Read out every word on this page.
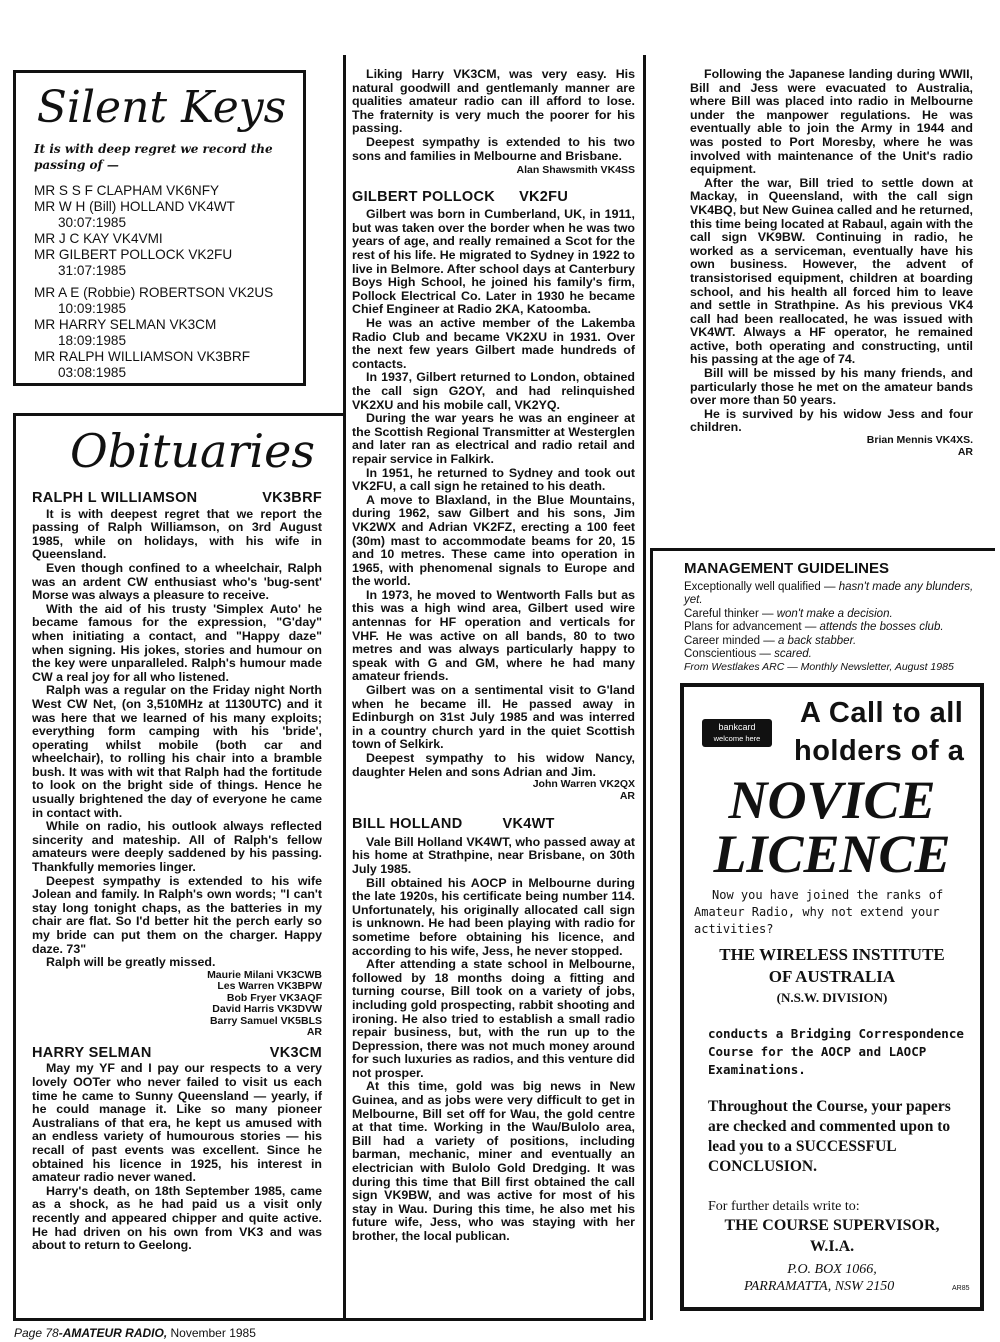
Silent Keys
It is with deep regret we record the passing of —
MR S S F CLAPHAM VK6NFY
MR W H (Bill) HOLLAND VK4WT
30:07:1985
MR J C KAY VK4VMI
MR GILBERT POLLOCK VK2FU
31:07:1985
MR A E (Robbie) ROBERTSON VK2US
10:09:1985
MR HARRY SELMAN VK3CM
18:09:1985
MR RALPH WILLIAMSON VK3BRF
03:08:1985
Obituaries
RALPH L WILLIAMSON	VK3BRF

It is with deepest regret that we report the passing of Ralph Williamson, on 3rd August 1985, while on holidays, with his wife in Queensland.

Even though confined to a wheelchair, Ralph was an ardent CW enthusiast who's 'bug-sent' Morse was always a pleasure to receive.

With the aid of his trusty 'Simplex Auto' he became famous for the expression, "G'day" when initiating a contact, and "Happy daze" when signing. His jokes, stories and humour on the key were unparalleled. Ralph's humour made CW a real joy for all who listened.

Ralph was a regular on the Friday night North West CW Net, (on 3,510MHz at 1130UTC) and it was here that we learned of his many exploits; everything form camping with his 'bride', operating whilst mobile (both car and wheelchair), to rolling his chair into a bramble bush. It was with wit that Ralph had the fortitude to look on the bright side of things. Hence he usually brightened the day of everyone he came in contact with.

While on radio, his outlook always reflected sincerity and mateship. All of Ralph's fellow amateurs were deeply saddened by his passing. Thankfully memories linger.

Deepest sympathy is extended to his wife Jolean and family. In Ralph's own words; "I can't stay long tonight chaps, as the batteries in my chair are flat. So I'd better hit the perch early so my bride can put them on the charger. Happy daze. 73"

Ralph will be greatly missed.

Maurie Milani VK3CWB
Les Warren VK3BPW
Bob Fryer VK3AQF
David Harris VK3DVW
Barry Samuel VK5BLS
AR
HARRY SELMAN	VK3CM

May my YF and I pay our respects to a very lovely OOTer who never failed to visit us each time he came to Sunny Queensland — yearly, if he could manage it. Like so many pioneer Australians of that era, he kept us amused with an endless variety of humourous stories — his recall of past events was excellent. Since he obtained his licence in 1925, his interest in amateur radio never waned.

Harry's death, on 18th September 1985, came as a shock, as he had paid us a visit only recently and appeared chipper and quite active. He had driven on his own from VK3 and was about to return to Geelong.

Liking Harry VK3CM, was very easy. His natural goodwill and gentlemanly manner are qualities amateur radio can ill afford to lose. The fraternity is very much the poorer for his passing.

Deepest sympathy is extended to his two sons and families in Melbourne and Brisbane.

Alan Shawsmith VK4SS
GILBERT POLLOCK VK2FU

Gilbert was born in Cumberland, UK, in 1911, but was taken over the border when he was two years of age, and really remained a Scot for the rest of his life. He migrated to Sydney in 1922 to live in Belmore. After school days at Canterbury Boys High School, he joined his family's firm, Pollock Electrical Co. Later in 1930 he became Chief Engineer at Radio 2KA, Katoomba.

He was an active member of the Lakemba Radio Club and became VK2XU in 1931. Over the next few years Gilbert made hundreds of contacts.

In 1937, Gilbert returned to London, obtained the call sign G2OY, and had relinquished VK2XU and his mobile call, VK2YQ.

During the war years he was an engineer at the Scottish Regional Transmitter at Westerglen and later ran as electrical and radio retail and repair service in Falkirk.

In 1951, he returned to Sydney and took out VK2FU, a call sign he retained to his death.

A move to Blaxland, in the Blue Mountains, during 1962, saw Gilbert and his sons, Jim VK2WX and Adrian VK2FZ, erecting a 100 feet (30m) mast to accommodate beams for 20, 15 and 10 metres. These came into operation in 1965, with phenomenal signals to Europe and the world.

In 1973, he moved to Wentworth Falls but as this was a high wind area, Gilbert used wire antennas for HF operation and verticals for VHF. He was active on all bands, 80 to two metres and was always particularly happy to speak with G and GM, where he had many amateur friends.

Gilbert was on a sentimental visit to G'land when he became ill. He passed away in Edinburgh on 31st July 1985 and was interred in a country church yard in the quiet Scottish town of Selkirk.

Deepest sympathy to his widow Nancy, daughter Helen and sons Adrian and Jim.

John Warren VK2QX
AR
BILL HOLLAND	VK4WT

Vale Bill Holland VK4WT, who passed away at his home at Strathpine, near Brisbane, on 30th July 1985.

Bill obtained his AOCP in Melbourne during the late 1920s, his certificate being number 114. Unfortunately, his originally allocated call sign is unknown. He had been playing with radio for sometime before obtaining his licence, and according to his wife, Jess, he never stopped.

After attending a state school in Melbourne, followed by 18 months doing a fitting and turning course, Bill took on a variety of jobs, including gold prospecting, rabbit shooting and ironing. He also tried to establish a small radio repair business, but, with the run up to the Depression, there was not much money around for such luxuries as radios, and this venture did not prosper.

At this time, gold was big news in New Guinea, and as jobs were very difficult to get in Melbourne, Bill set off for Wau, the gold centre at that time. Working in the Wau/Bulolo area, Bill had a variety of positions, including barman, mechanic, miner and eventually an electrician with Bulolo Gold Dredging. It was during this time that Bill first obtained the call sign VK9BW, and was active for most of his stay in Wau. During this time, he also met his future wife, Jess, who was staying with her brother, the local publican.

Following the Japanese landing during WWII, Bill and Jess were evacuated to Australia, where Bill was placed into radio in Melbourne under the manpower regulations. He was eventually able to join the Army in 1944 and was posted to Port Moresby, where he was involved with maintenance of the Unit's radio equipment.

After the war, Bill tried to settle down at Mackay, in Queensland, with the call sign VK4BQ, but New Guinea called and he returned, this time being located at Rabaul, again with the call sign VK9BW. Continuing in radio, he worked as a serviceman, eventually have his own business. However, the advent of transistorised equipment, children at boarding school, and his health all forced him to leave and settle in Strathpine. As his previous VK4 call had been reallocated, he was issued with VK4WT. Always a HF operator, he remained active, both operating and constructing, until his passing at the age of 74.

Bill will be missed by his many friends, and particularly those he met on the amateur bands over more than 50 years.

He is survived by his widow Jess and four children.

Brian Mennis VK4XS.
AR
MANAGEMENT GUIDELINES
Exceptionally well qualified — hasn't made any blunders, yet.
Careful thinker — won't make a decision.
Plans for advancement — attends the bosses club.
Career minded — a back stabber.
Conscientious — scared.
From Westlakes ARC — Monthly Newsletter, August 1985
bankcard
welcome here
A Call to all
holders of a
NOVICE
LICENCE
Now you have joined the ranks of Amateur Radio, why not extend your activities?
THE WIRELESS INSTITUTE
OF AUSTRALIA
(N.S.W. DIVISION)
conducts a Bridging Correspondence Course for the AOCP and LAOCP Examinations.
Throughout the Course, your papers are checked and commented upon to lead you to a SUCCESSFUL CONCLUSION.
For further details write to:
THE COURSE SUPERVISOR,
W.I.A.
P.O. BOX 1066,
PARRAMATTA, NSW 2150	AR85
Page 78-AMATEUR RADIO, November 1985
